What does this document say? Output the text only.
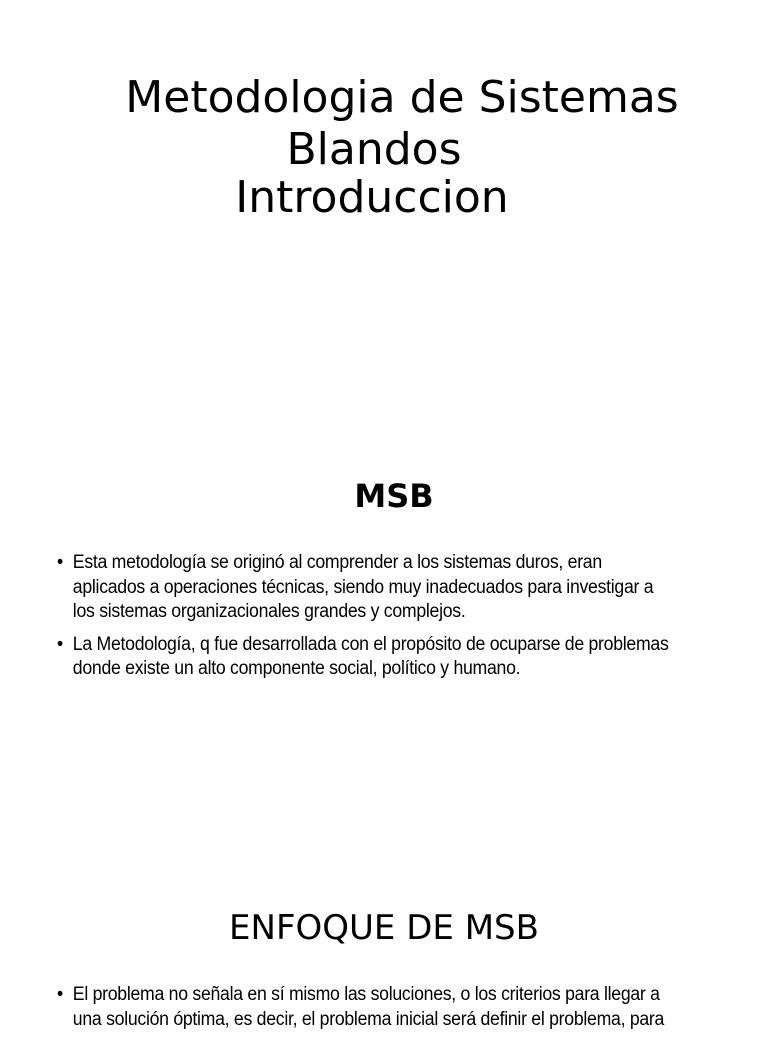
Metodologia de Sistemas
Blandos
Introduccion
MSB
• Esta metodología se originó al comprender a los sistemas duros, eran aplicados a operaciones técnicas, siendo muy inadecuados para investigar a los sistemas organizacionales grandes y complejos.
• La Metodología, q fue desarrollada con el propósito de ocuparse de problemas donde existe un alto componente social, político y humano.
ENFOQUE DE MSB
• El problema no señala en sí mismo las soluciones, o los criterios para llegar a una solución óptima, es decir, el problema inicial será definir el problema, para
